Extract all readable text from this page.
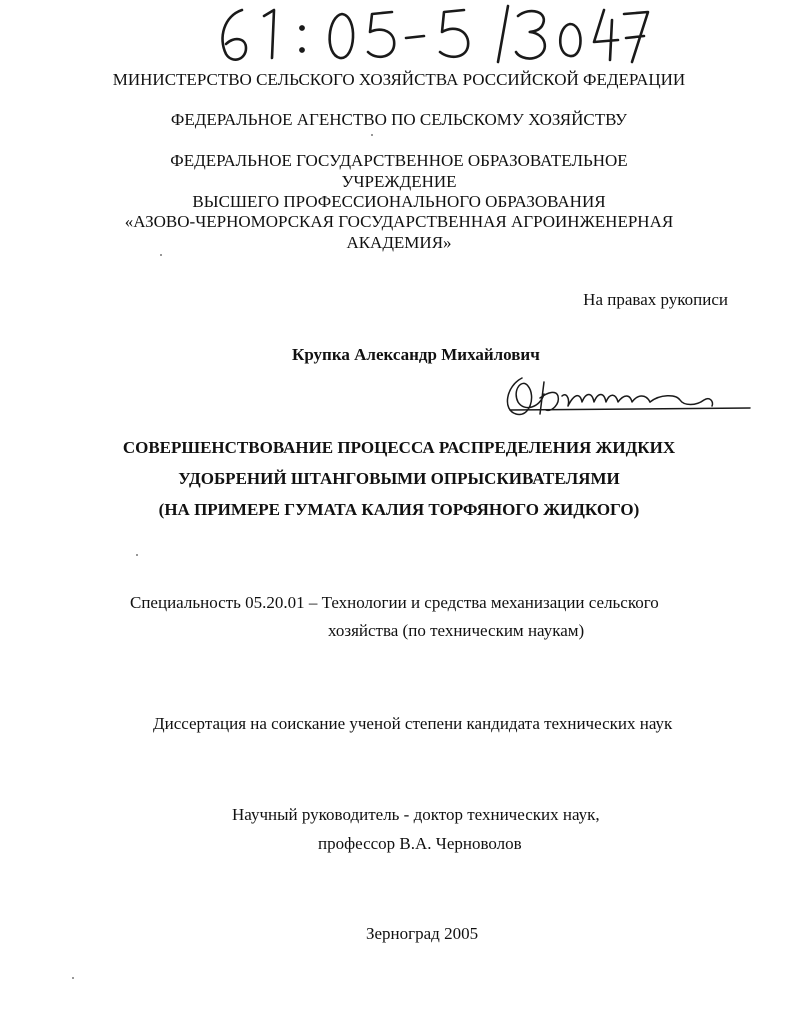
61:05-5/3047
МИНИСТЕРСТВО СЕЛЬСКОГО ХОЗЯЙСТВА РОССИЙСКОЙ ФЕДЕРАЦИИ
ФЕДЕРАЛЬНОЕ АГЕНСТВО ПО СЕЛЬСКОМУ ХОЗЯЙСТВУ
ФЕДЕРАЛЬНОЕ ГОСУДАРСТВЕННОЕ ОБРАЗОВАТЕЛЬНОЕ
УЧРЕЖДЕНИЕ
ВЫСШЕГО ПРОФЕССИОНАЛЬНОГО ОБРАЗОВАНИЯ
«АЗОВО-ЧЕРНОМОРСКАЯ ГОСУДАРСТВЕННАЯ АГРОИНЖЕНЕРНАЯ
АКАДЕМИЯ»
На правах рукописи
Крупка Александр Михайлович
СОВЕРШЕНСТВОВАНИЕ ПРОЦЕССА РАСПРЕДЕЛЕНИЯ ЖИДКИХ
УДОБРЕНИЙ ШТАНГОВЫМИ ОПРЫСКИВАТЕЛЯМИ
(НА ПРИМЕРЕ ГУМАТА КАЛИЯ ТОРФЯНОГО ЖИДКОГО)
Специальность 05.20.01 – Технологии и средства механизации сельского
хозяйства (по техническим наукам)
Диссертация на соискание ученой степени кандидата технических наук
Научный руководитель - доктор технических наук,
профессор В.А. Черноволов
Зерноград 2005
